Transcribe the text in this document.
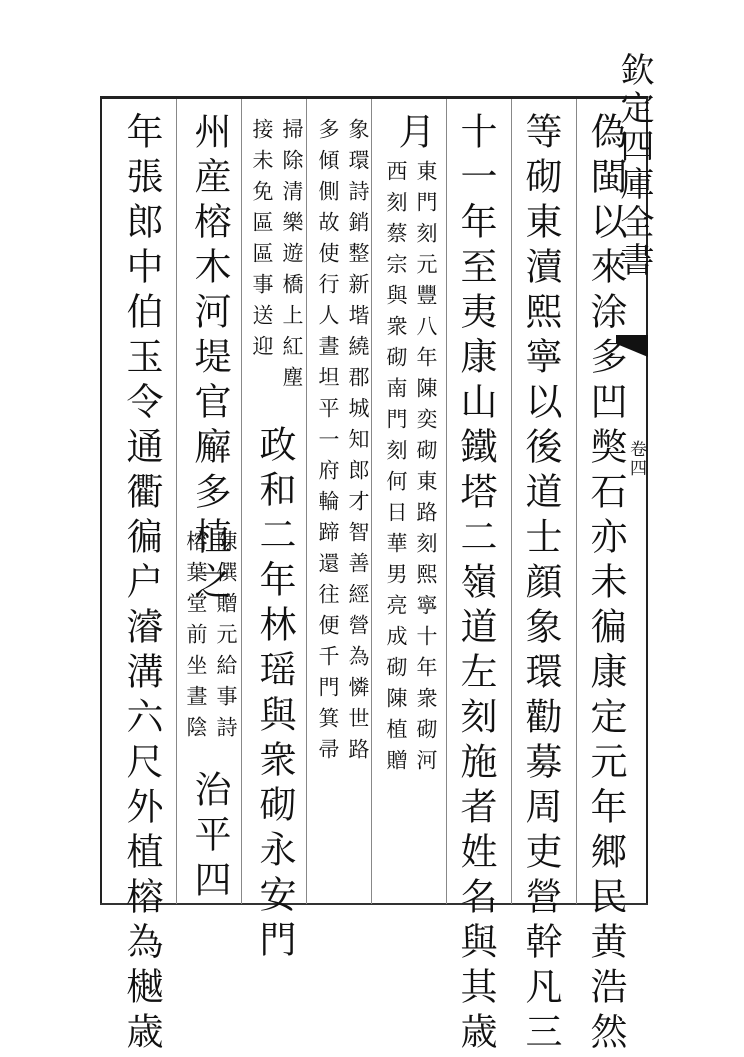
欽定四庫全書
卷四
偽閩以來涂多凹獘石亦未徧康定元年郷民黄浩然
等砌東瀆熙寧以後道士顔象環勸募周吏營幹凡三
十一年至夷康山鐵塔二嶺道左刻施者姓名與其歳
月
東門刻元豐八年陳奕砌東路刻熙寧十年衆砌河
西刻蔡宗與衆砌南門刻何日華男亮成砌陳植贈
象環詩銷整新堦繞郡城知郎才智善經營為憐世路
多傾側故使行人晝坦平一府輪蹄還往便千門箕帚
掃除清樂遊橋上紅塵
接未免區區事送迎
政和二年林瑶與衆砌永安門
州産榕木河堤官廨多植之
陳僎贈元給事詩
榕葉堂前坐晝陰
治平四
年張郎中伯玉令通衢徧户濬溝六尺外植榕為樾歳
